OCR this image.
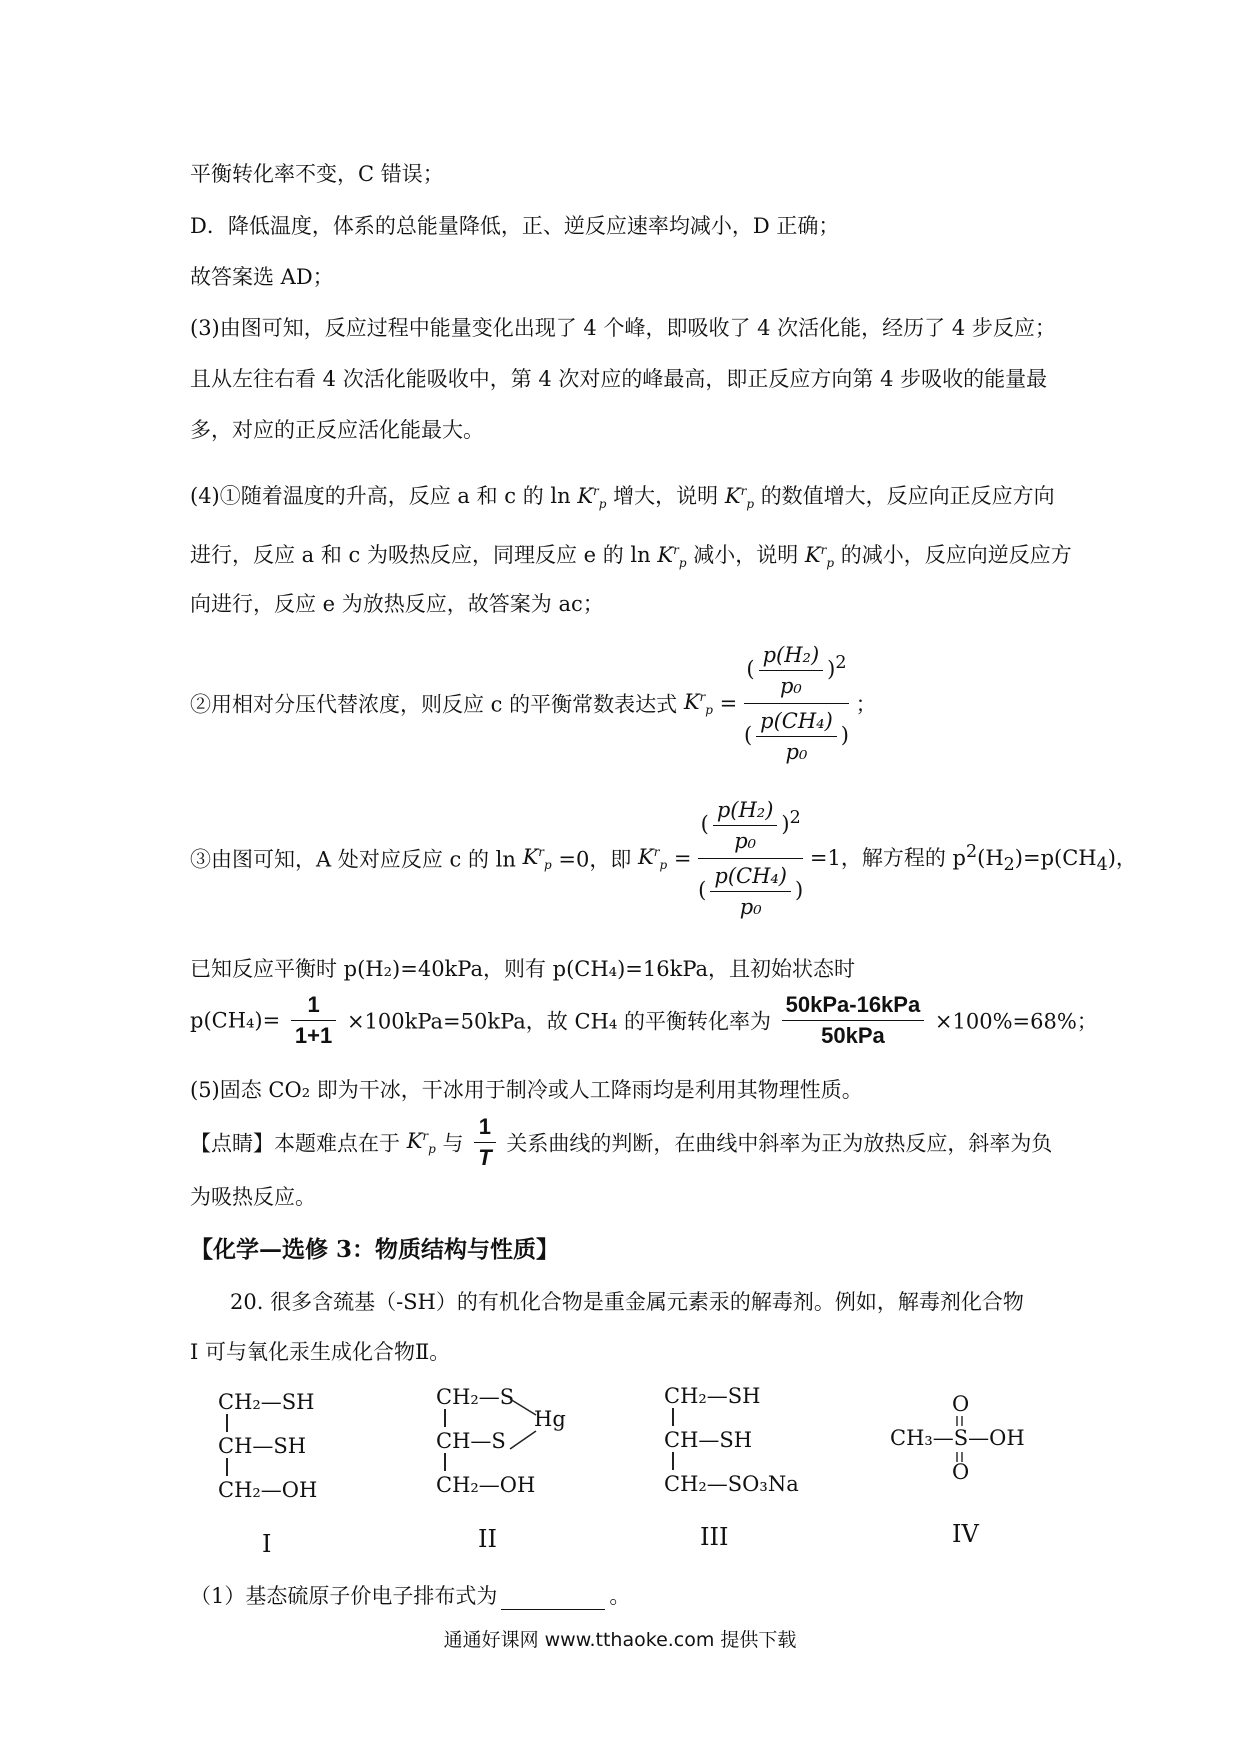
平衡转化率不变，C 错误；
D．降低温度，体系的总能量降低，正、逆反应速率均减小，D 正确；
故答案选 AD；
(3)由图可知，反应过程中能量变化出现了 4 个峰，即吸收了 4 次活化能，经历了 4 步反应；
且从左往右看 4 次活化能吸收中，第 4 次对应的峰最高，即正反应方向第 4 步吸收的能量最
多，对应的正反应活化能最大。
(4)①随着温度的升高，反应 a 和 c 的 $\ln K^r_p$ 增大，说明 $K^r_p$ 的数值增大，反应向正反应方向
进行，反应 a 和 c 为吸热反应，同理反应 e 的 $\ln K^r_p$ 减小，说明 $K^r_p$ 的减小，反应向逆反应方
向进行，反应 e 为放热反应，故答案为 ac；
②用相对分压代替浓度，则反应 c 的平衡常数表达式 $K^r_p = \frac{( \frac{\text{p(H₂)}}{\text{p₀}} )^2}{( \frac{\text{p(CH₄)}}{\text{p₀}} )}$ ；
③由图可知，A 处对应反应 c 的 $\ln K^r_p =0$，即 $K^r_p = \frac{( \frac{\text{p(H₂)}}{\text{p₀}} )^2}{( \frac{\text{p(CH₄)}}{\text{p₀}} )} =1$，解方程的 $p^2(H_2)=p(CH_4)$，
已知反应平衡时 p(H₂)=40kPa，则有 p(CH₄)=16kPa，且初始状态时
$p(CH_4)= \frac{1}{1+1} \times 100kPa=50kPa$，故 CH₄ 的平衡转化率为 $\frac{\text{50kPa-16kPa}}{\text{50kPa}} \times 100\%=68\%$；
(5)固态 CO₂ 即为干冰，干冰用于制冷或人工降雨均是利用其物理性质。
【点睛】本题难点在于 $K^r_p$ 与 $\frac{1}{T}$ 关系曲线的判断，在曲线中斜率为正为放热反应，斜率为负
为吸热反应。
【化学—选修 3：物质结构与性质】
20. 很多含巯基（-SH）的有机化合物是重金属元素汞的解毒剂。例如，解毒剂化合物
I 可与氧化汞生成化合物Ⅱ。
CH₂—SH
CH—SH
CH₂—OH
I
CH₂—S
CH—S
CH₂—OH
Hg
II
CH₂—SH
CH—SH
CH₂—SO₃Na
III
O
CH₃—S—OH
O
IV
（1）基态硫原子价电子排布式为	。
通通好课网 www.tthaoke.com 提供下载
